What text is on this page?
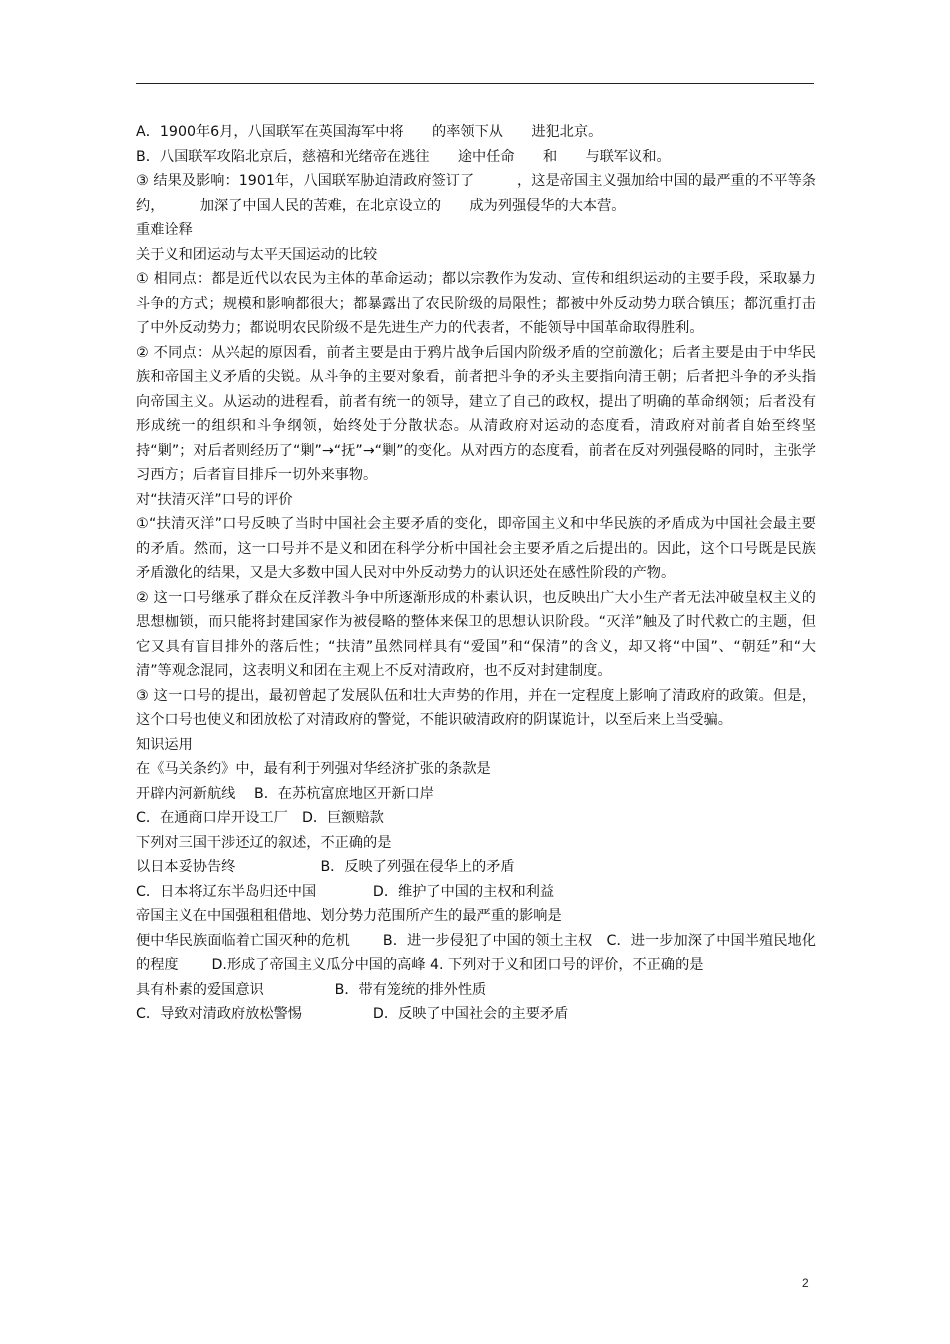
A．1900年6月，八国联军在英国海军中将　　的率领下从　　进犯北京。

B．八国联军攻陷北京后，慈禧和光绪帝在逃往　　途中任命　　和　　与联军议和。

③ 结果及影响：1901年，八国联军胁迫清政府签订了　　　，这是帝国主义强加给中国的最严重的不平等条约，　　　加深了中国人民的苦难，在北京设立的　　成为列强侵华的大本营。

重难诠释

关于义和团运动与太平天国运动的比较

① 相同点：都是近代以农民为主体的革命运动；都以宗教作为发动、宣传和组织运动的主要手段，采取暴力斗争的方式；规模和影响都很大；都暴露出了农民阶级的局限性；都被中外反动势力联合镇压；都沉重打击了中外反动势力；都说明农民阶级不是先进生产力的代表者，不能领导中国革命取得胜利。

② 不同点：从兴起的原因看，前者主要是由于鸦片战争后国内阶级矛盾的空前激化；后者主要是由于中华民族和帝国主义矛盾的尖锐。从斗争的主要对象看，前者把斗争的矛头主要指向清王朝；后者把斗争的矛头指向帝国主义。从运动的进程看，前者有统一的领导，建立了自己的政权，提出了明确的革命纲领；后者没有形成统一的组织和斗争纲领，始终处于分散状态。从清政府对运动的态度看，清政府对前者自始至终坚持“剿”；对后者则经历了“剿”→“抚”→“剿”的变化。从对西方的态度看，前者在反对列强侵略的同时，主张学习西方；后者盲目排斥一切外来事物。

对“扶清灭洋”口号的评价

①“扶清灭洋”口号反映了当时中国社会主要矛盾的变化，即帝国主义和中华民族的矛盾成为中国社会最主要的矛盾。然而，这一口号并不是义和团在科学分析中国社会主要矛盾之后提出的。因此，这个口号既是民族矛盾激化的结果，又是大多数中国人民对中外反动势力的认识还处在感性阶段的产物。

② 这一口号继承了群众在反洋教斗争中所逐渐形成的朴素认识，也反映出广大小生产者无法冲破皇权主义的思想枷锁，而只能将封建国家作为被侵略的整体来保卫的思想认识阶段。“灭洋”触及了时代救亡的主题，但它又具有盲目排外的落后性；“扶清”虽然同样具有“爱国”和“保清”的含义，却又将“中国”、“朝廷”和“大清”等观念混同，这表明义和团在主观上不反对清政府，也不反对封建制度。

③ 这一口号的提出，最初曾起了发展队伍和壮大声势的作用，并在一定程度上影响了清政府的政策。但是，这个口号也使义和团放松了对清政府的警觉，不能识破清政府的阴谋诡计，以至后来上当受骗。

知识运用

在《马关条约》中，最有利于列强对华经济扩张的条款是

开辟内河新航线　 B．在苏杭富庶地区开新口岸

C．在通商口岸开设工厂　D．巨额赔款

下列对三国干涉还辽的叙述，不正确的是

以日本妥协告终　　　　　　B．反映了列强在侵华上的矛盾

C．日本将辽东半岛归还中国　　　　D．维护了中国的主权和利益

帝国主义在中国强租租借地、划分势力范围所产生的最严重的影响是

便中华民族面临着亡国灭种的危机　　 B．进一步侵犯了中国的领土主权　C．进一步加深了中国半殖民地化的程度　　 D.形成了帝国主义瓜分中国的高峰 4. 下列对于义和团口号的评价，不正确的是

具有朴素的爱国意识　　　　　B．带有笼统的排外性质

C．导致对清政府放松警惕　　　　　D．反映了中国社会的主要矛盾

2
